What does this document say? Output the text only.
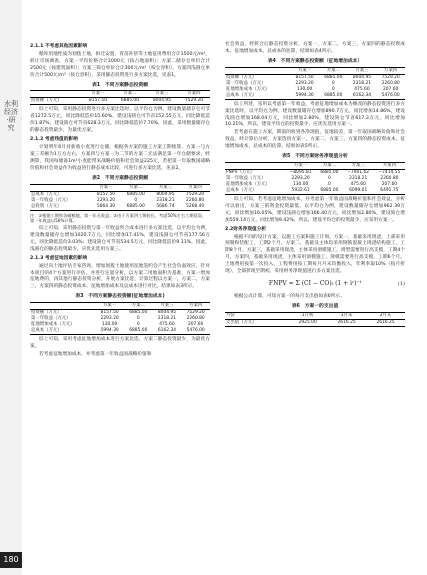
水利经济·研究
180
2.1.1 不考虑其他因素影响

粮库用地性质为划拨土地，拆迁安置、青苗补偿等土地征用费用合计1500元/m²，转让市场调查，方案一平均价格合计2000元（按占地面积）；方案二储存仓单价合计2500元（按建筑面积）；方案三简仓单价合计300元/m²（按仓容积），方案四浅圆仓单价合计500元/m³（按仓容积），采用静态投资进行多方案比选，见表1。

表1　不同方案静态投资额
	方案一	方案二	方案三	方案四
投资额（万元）	8157.50	6885.00	8004.95	7529.20

综上可知，采用静态投资进行多方案比选时，以平均仓为例，建设数量储存仓可节省1272.5万元，同比降低造价15.60%，建设浅圆仓可节省152.55万元，同比降低造价1.87%，建设简仓可节省628.3万元，同比降低造价7.70%，因此，采用数量储存仓的静态投资最少，为最优方案。

2.1.2 考虑残值的影响

计划明年6月对新收小麦进行仓储，根据各方案的施工方案工期推算，方案一与方案三差额为1万方左右，方案四与方案一为二节的方案二无法满足第一年仓储要求，经测算，我国每储备1m³小麦能带来战略价值和社会效益225元，若把第一年取数国战略价值和社会效益作为收益进行静态成本比较，可进行多方案比选，见表2。

表2　不同方案静态投资额
	方案一	方案二	方案三	方案四
总成本（万元）	8157.50	6885.00	8004.95	7529.20
第一年收益（万元）	2293.20	0	2318.21	2260.80
总投资（万元）	5864.30	6885.00	5686.74	5268.40
注：①根据工期和各储粮地，第一年无收益；②由于方案四工期较长，考虑50%左右工期延误，第一年收益以50%计算。

综上可知，采用静态投资与第一年收益所合成本进行多方案比选，以平均仓为例，建设数量储存仓增加1020.7万元，同比增加17.41%，建设浅圆仓可节省177.56万元，同比降低造价3.03%；建设简仓可节省534.5万元，同比降低造价9.11%。因此，浅圆仓的静态投资最少，应优先选用方案三。

2.1.3 考虑征地因素的影响

通过向土地评估专家咨询，增加划拨土地使用征地签约会产生社会负面效应，针对本项目的4个方案进行评估，并进行定量分析，以方案二用地面积为基准，方案一增加征地费的，再其他行静态投资分析，开展方案比选，计算过程以方案一，方案二，方案三，方案四的静态投资成本、征地增加成本及总成本进行对比，结果如表3所示。

表3　不同方案静态投资额(征地增加成本)
	方案一	方案二	方案三	方案四
投资额（万元）	8157.50	6885.00	8004.95	7529.20
第一年收益（万元）	2293.20	0	2318.21	2260.80
征地增加成本（万元）	130.00	0	475.60	207.60
总成本（万元）	5994.30	6885.00	6162.34	5476.00

综上可知，采用考虑征地增加成本进行方案比选，方案二静态投资最少，为最优方案。

若考虑征地增加成本，并考虑第一年收益国战略价值和

社会效益，经折合后静态投资分析，方案一，方案二，方案三，方案四的静态投资成本，征地增加成本，总成本的估算，结果如表4所示。

表4　不同方案静态投资额（征地增加成本）
	方案一	方案二	方案三	方案四
投资额（万元）	8157.50	6885.00	8004.95	7529.20
第一年收益（万元）	2293.20	0	2318.21	2260.80
征地增加成本（万元）	130.00	0	475.60	207.60
总成本（万元）	5994.30	6885.00	6162.34	5476.00

综上所述，采用以考虑第一年收益，考虑征地增加成本为修改的静态投资进行多方案比选时，以平均仓为例，建设数量储存仓增加890.7万元，同比增加14.86%，建设浅圆仓增加168.04万元，同比增加2.80%，建设简仓节省617.3万元，同比增加10.21%，所以，建设平均仓的投资最少，应优先选用方案一。

若考虑在施工方案，期前的收到各净现值，征地较差，第一年取国战略价值和社会效益，经计算后分析，方案选用方案一，方案二，方案三，方案四的静态投资成本，征地增加成本，总成本的估算，结果如表5所示。

表5　不同方案财务净现值分析
	方案一	方案二	方案三	方案四
FNPV（万元）	−8095.81	6885.00	−7941.62	−7414.55
第一年收益（万元）	2293.20	0	2318.21	2260.80
征地增加成本（万元）	130.00	0	475.60	207.60
总成本（万元）	5932.61	6885.00	6099.01	6491.75

综上可知，若考虑征地增加成本，并考虑第一年收益国战略价值和社会效益，分析可以看出，方案三的资金投资最低，以平均仓为例，建设数量储存仓增加962.39万元，同比增加16.05%，建设浅圆仓增加166.40万元，同比增加2.80%，建设简仓增加559.14万元，同比增加9.42%，所以，建设平均仓的投资最少，应采用方案一。

2.2财务净现值分析

根据不同的设计方案，以施工方案和施工计划。方案一，基础采用现浇，上部采用预制和装配工，工期2个月，方案二，基础及主体均采用钢筋混凝土现浇结构施工，工期8个月，方案三，基础采用现浇，主体采用滑模施工，滑型需要进行高支模，工期4个月，方案四，基础采用现浇，主体采用滑模施工，滑模需要进行高支模，工期6个月。土地费用按第一次投入，工程费用按工期每月月末均衡投入，年利率取10%（按月折现），全部折现至期初。采用财务净现值进行多方案比选。

FNPV = Σ (CI − CO)ₜ (1 + iᶜ)⁻ᵗ	(1)

根据公式计算，可知方案一的每月支出值如表6所示。

表6　方案一的支出值
月份	1月初	1月末	2月末
支出值（万元）	2925.00	2616.25	2616.25
